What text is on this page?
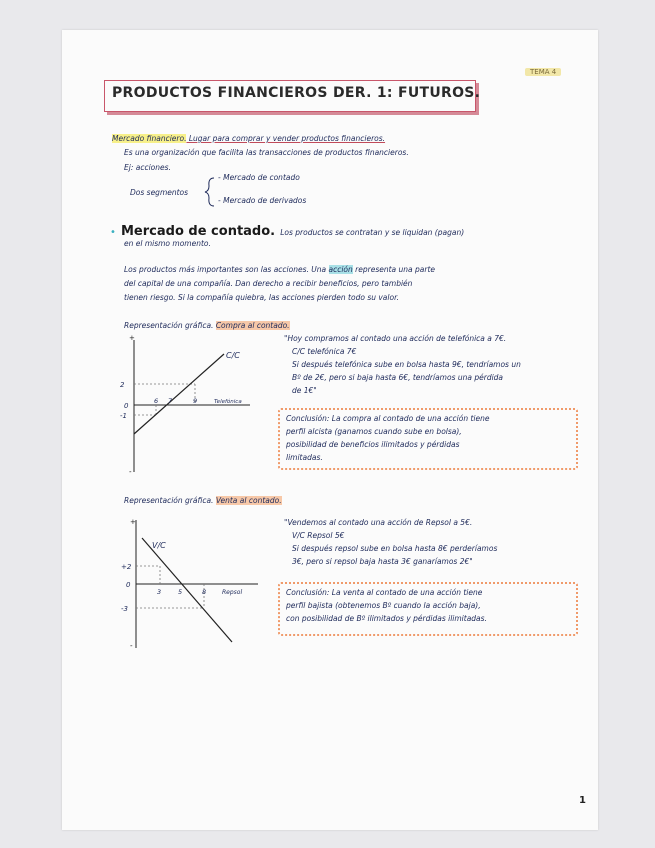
TEMA 4
PRODUCTOS FINANCIEROS DER. 1: FUTUROS.
Mercado financiero. Lugar para comprar y vender productos financieros.
Es una organización que facilita las transacciones de productos financieros.
Ej: acciones.
Dos segmentos
- Mercado de contado
- Mercado de derivados
• Mercado de contado. Los productos se contratan y se liquidan (pagan)
en el mismo momento.
Los productos más importantes son las acciones. Una acción representa una parte
del capital de una compañía. Dan derecho a recibir beneficios, pero también
tienen riesgo. Si la compañía quiebra, las acciones pierden todo su valor.
Representación gráfica. Compra al contado.
+
-
C/C
2
0
-1
6 7	9	Telefónica
"Hoy compramos al contado una acción de telefónica a 7€.
C/C telefónica 7€
Si después telefónica sube en bolsa hasta 9€, tendríamos un
Bº de 2€, pero si baja hasta 6€, tendríamos una pérdida
de 1€"
Conclusión: La compra al contado de una acción tiene
perfil alcista (ganamos cuando sube en bolsa),
posibilidad de beneficios ilimitados y pérdidas
limitadas.
Representación gráfica. Venta al contado.
+
-
V/C
+2
0
-3
3	5	8	Repsol
"Vendemos al contado una acción de Repsol a 5€.
V/C Repsol 5€
Si después repsol sube en bolsa hasta 8€ perderíamos
3€, pero si repsol baja hasta 3€ ganaríamos 2€"
Conclusión: La venta al contado de una acción tiene
perfil bajista (obtenemos Bº cuando la acción baja),
con posibilidad de Bº ilimitados y pérdidas ilimitadas.
1
